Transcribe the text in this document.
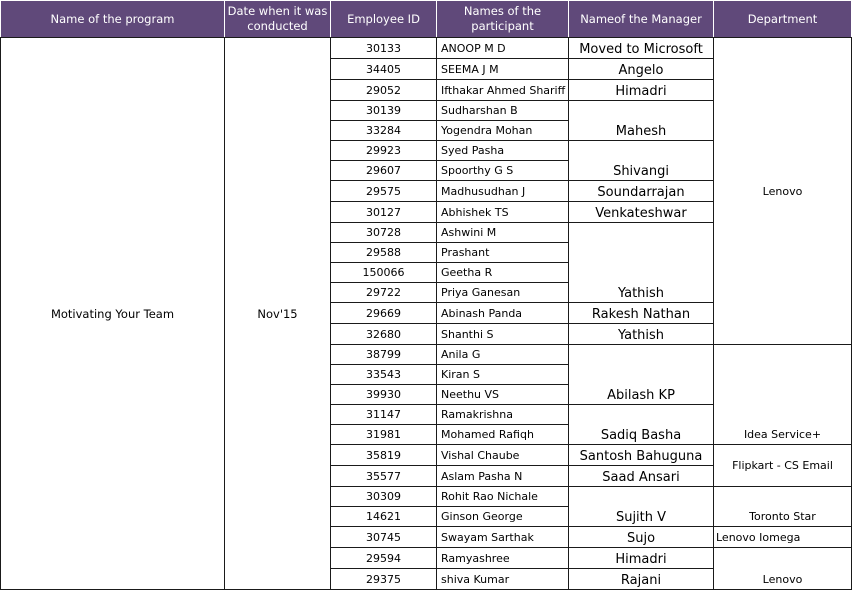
Name of the program	Date when it was conducted	Employee ID	Names of the participant	Nameof the Manager	Department
Motivating Your Team	Nov'15	30133	ANOOP M D	Moved to Microsoft	Lenovo
		34405	SEEMA J M	Angelo	
		29052	Ifthakar Ahmed Shariff	Himadri	
		30139	Sudharshan B	Mahesh	
		33284	Yogendra Mohan		
		29923	Syed Pasha	Shivangi	
		29607	Spoorthy G S		
		29575	Madhusudhan J	Soundarrajan	
		30127	Abhishek TS	Venkateshwar	
		30728	Ashwini M	Yathish	
		29588	Prashant		
		150066	Geetha R		
		29722	Priya Ganesan		
		29669	Abinash Panda	Rakesh Nathan	
		32680	Shanthi S	Yathish	
		38799	Anila G	Abilash KP	Idea Service+
		33543	Kiran S		
		39930	Neethu VS		
		31147	Ramakrishna	Sadiq Basha	
		31981	Mohamed Rafiqh		
		35819	Vishal Chaube	Santosh Bahuguna	Flipkart - CS Email
		35577	Aslam Pasha N	Saad Ansari	
		30309	Rohit Rao Nichale	Sujith V	Toronto Star
		14621	Ginson George		
		30745	Swayam Sarthak	Sujo	Lenovo Iomega
		29594	Ramyashree	Himadri	Lenovo
		29375	shiva Kumar	Rajani	
